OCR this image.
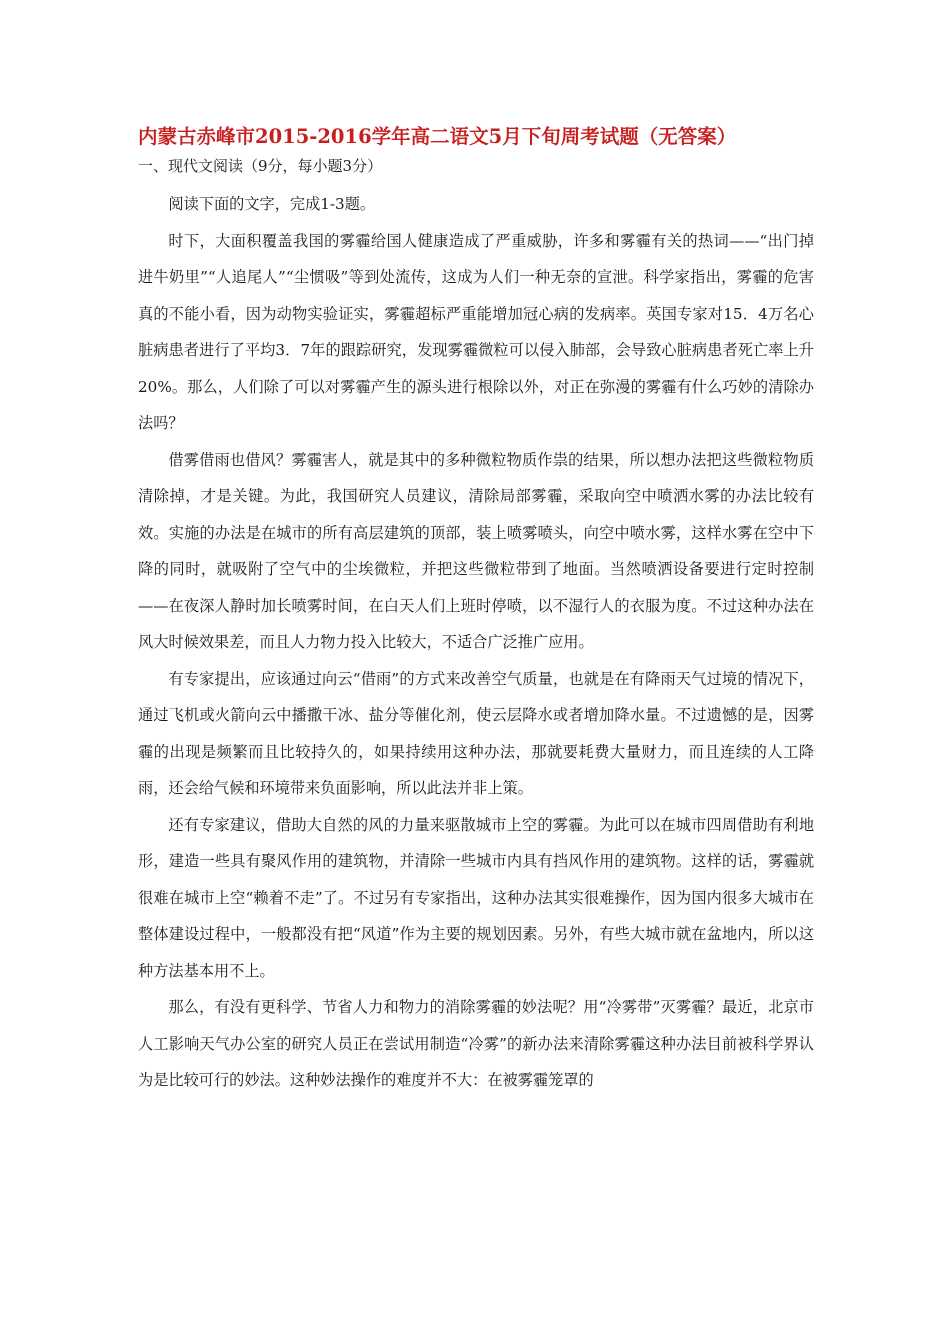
内蒙古赤峰市2015-2016学年高二语文5月下旬周考试题（无答案）
一、现代文阅读（9分，每小题3分）

阅读下面的文字，完成1-3题。

时下，大面积覆盖我国的雾霾给国人健康造成了严重威胁，许多和雾霾有关的热词——“出门掉进牛奶里”“人追尾人”“尘惯吸”等到处流传，这成为人们一种无奈的宣泄。科学家指出，雾霾的危害真的不能小看，因为动物实验证实，雾霾超标严重能增加冠心病的发病率。英国专家对15．4万名心脏病患者进行了平均3．7年的跟踪研究，发现雾霾微粒可以侵入肺部，会导致心脏病患者死亡率上升20%。那么，人们除了可以对雾霾产生的源头进行根除以外，对正在弥漫的雾霾有什么巧妙的清除办法吗？

借雾借雨也借风？雾霾害人，就是其中的多种微粒物质作祟的结果，所以想办法把这些微粒物质清除掉，才是关键。为此，我国研究人员建议，清除局部雾霾，采取向空中喷洒水雾的办法比较有效。实施的办法是在城市的所有高层建筑的顶部，装上喷雾喷头，向空中喷水雾，这样水雾在空中下降的同时，就吸附了空气中的尘埃微粒，并把这些微粒带到了地面。当然喷洒设备要进行定时控制——在夜深人静时加长喷雾时间，在白天人们上班时停喷，以不湿行人的衣服为度。不过这种办法在风大时候效果差，而且人力物力投入比较大，不适合广泛推广应用。

有专家提出，应该通过向云“借雨”的方式来改善空气质量，也就是在有降雨天气过境的情况下，通过飞机或火箭向云中播撒干冰、盐分等催化剂，使云层降水或者增加降水量。不过遗憾的是，因雾霾的出现是频繁而且比较持久的，如果持续用这种办法，那就要耗费大量财力，而且连续的人工降雨，还会给气候和环境带来负面影响，所以此法并非上策。

还有专家建议，借助大自然的风的力量来驱散城市上空的雾霾。为此可以在城市四周借助有利地形，建造一些具有聚风作用的建筑物，并清除一些城市内具有挡风作用的建筑物。这样的话，雾霾就很难在城市上空“赖着不走”了。不过另有专家指出，这种办法其实很难操作，因为国内很多大城市在整体建设过程中，一般都没有把“风道”作为主要的规划因素。另外，有些大城市就在盆地内，所以这种方法基本用不上。

那么，有没有更科学、节省人力和物力的消除雾霾的妙法呢？用“冷雾带”灭雾霾？最近，北京市人工影响天气办公室的研究人员正在尝试用制造“冷雾”的新办法来清除雾霾这种办法目前被科学界认为是比较可行的妙法。这种妙法操作的难度并不大：在被雾霾笼罩的
